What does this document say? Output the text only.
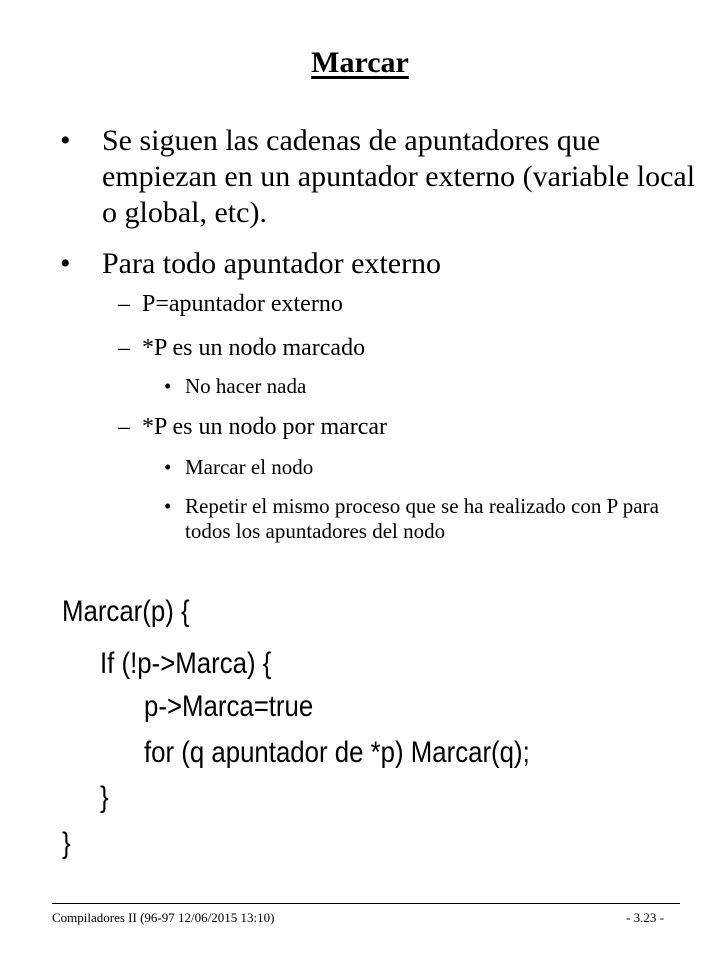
Marcar
• Se siguen las cadenas de apuntadores que empiezan en un apuntador externo (variable local o global, etc).
• Para todo apuntador externo
– P=apuntador externo
– *P es un nodo marcado
• No hacer nada
– *P es un nodo por marcar
• Marcar el nodo
• Repetir el mismo proceso que se ha realizado con P para todos los apuntadores del nodo
Marcar(p) {
If (!p->Marca) {
p->Marca=true
for (q apuntador de *p) Marcar(q);
}
}
Compiladores II (96-97 12/06/2015 13:10)	- 3.23 -
